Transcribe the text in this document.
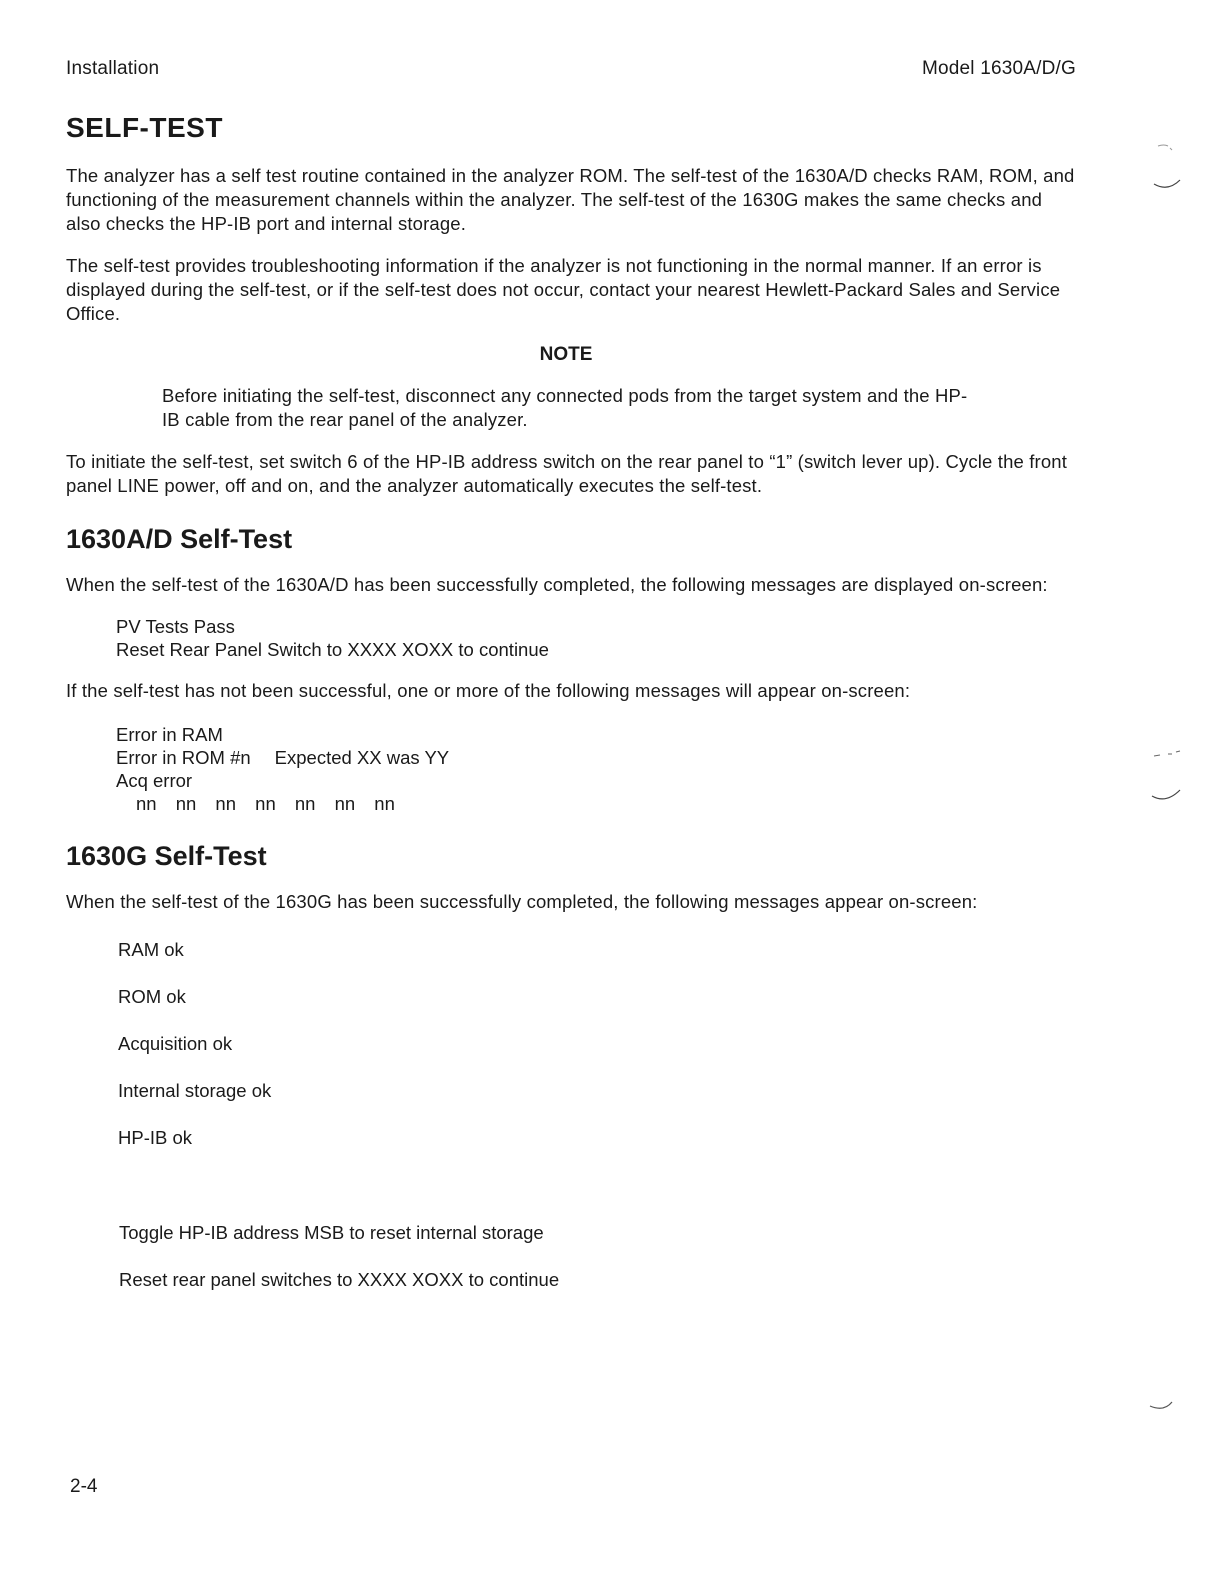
Installation	Model 1630A/D/G
SELF-TEST

The analyzer has a self test routine contained in the analyzer ROM. The self-test of the 1630A/D checks RAM, ROM, and functioning of the measurement channels within the analyzer. The self-test of the 1630G makes the same checks and also checks the HP-IB port and internal storage.

The self-test provides troubleshooting information if the analyzer is not functioning in the normal manner. If an error is displayed during the self-test, or if the self-test does not occur, contact your nearest Hewlett-Packard Sales and Service Office.

NOTE

Before initiating the self-test, disconnect any connected pods from the target system and the HP-IB cable from the rear panel of the analyzer.

To initiate the self-test, set switch 6 of the HP-IB address switch on the rear panel to “1” (switch lever up). Cycle the front panel LINE power, off and on, and the analyzer automatically executes the self-test.

1630A/D Self-Test

When the self-test of the 1630A/D has been successfully completed, the following messages are displayed on-screen:

PV Tests Pass
Reset Rear Panel Switch to XXXX XOXX to continue

If the self-test has not been successful, one or more of the following messages will appear on-screen:

Error in RAM
Error in ROM #n Expected XX was YY
Acq error
nn nn nn nn nn nn nn
1630G Self-Test

When the self-test of the 1630G has been successfully completed, the following messages appear on-screen:

RAM ok
ROM ok
Acquisition ok
Internal storage ok
HP-IB ok
Toggle HP-IB address MSB to reset internal storage
Reset rear panel switches to XXXX XOXX to continue
2-4
